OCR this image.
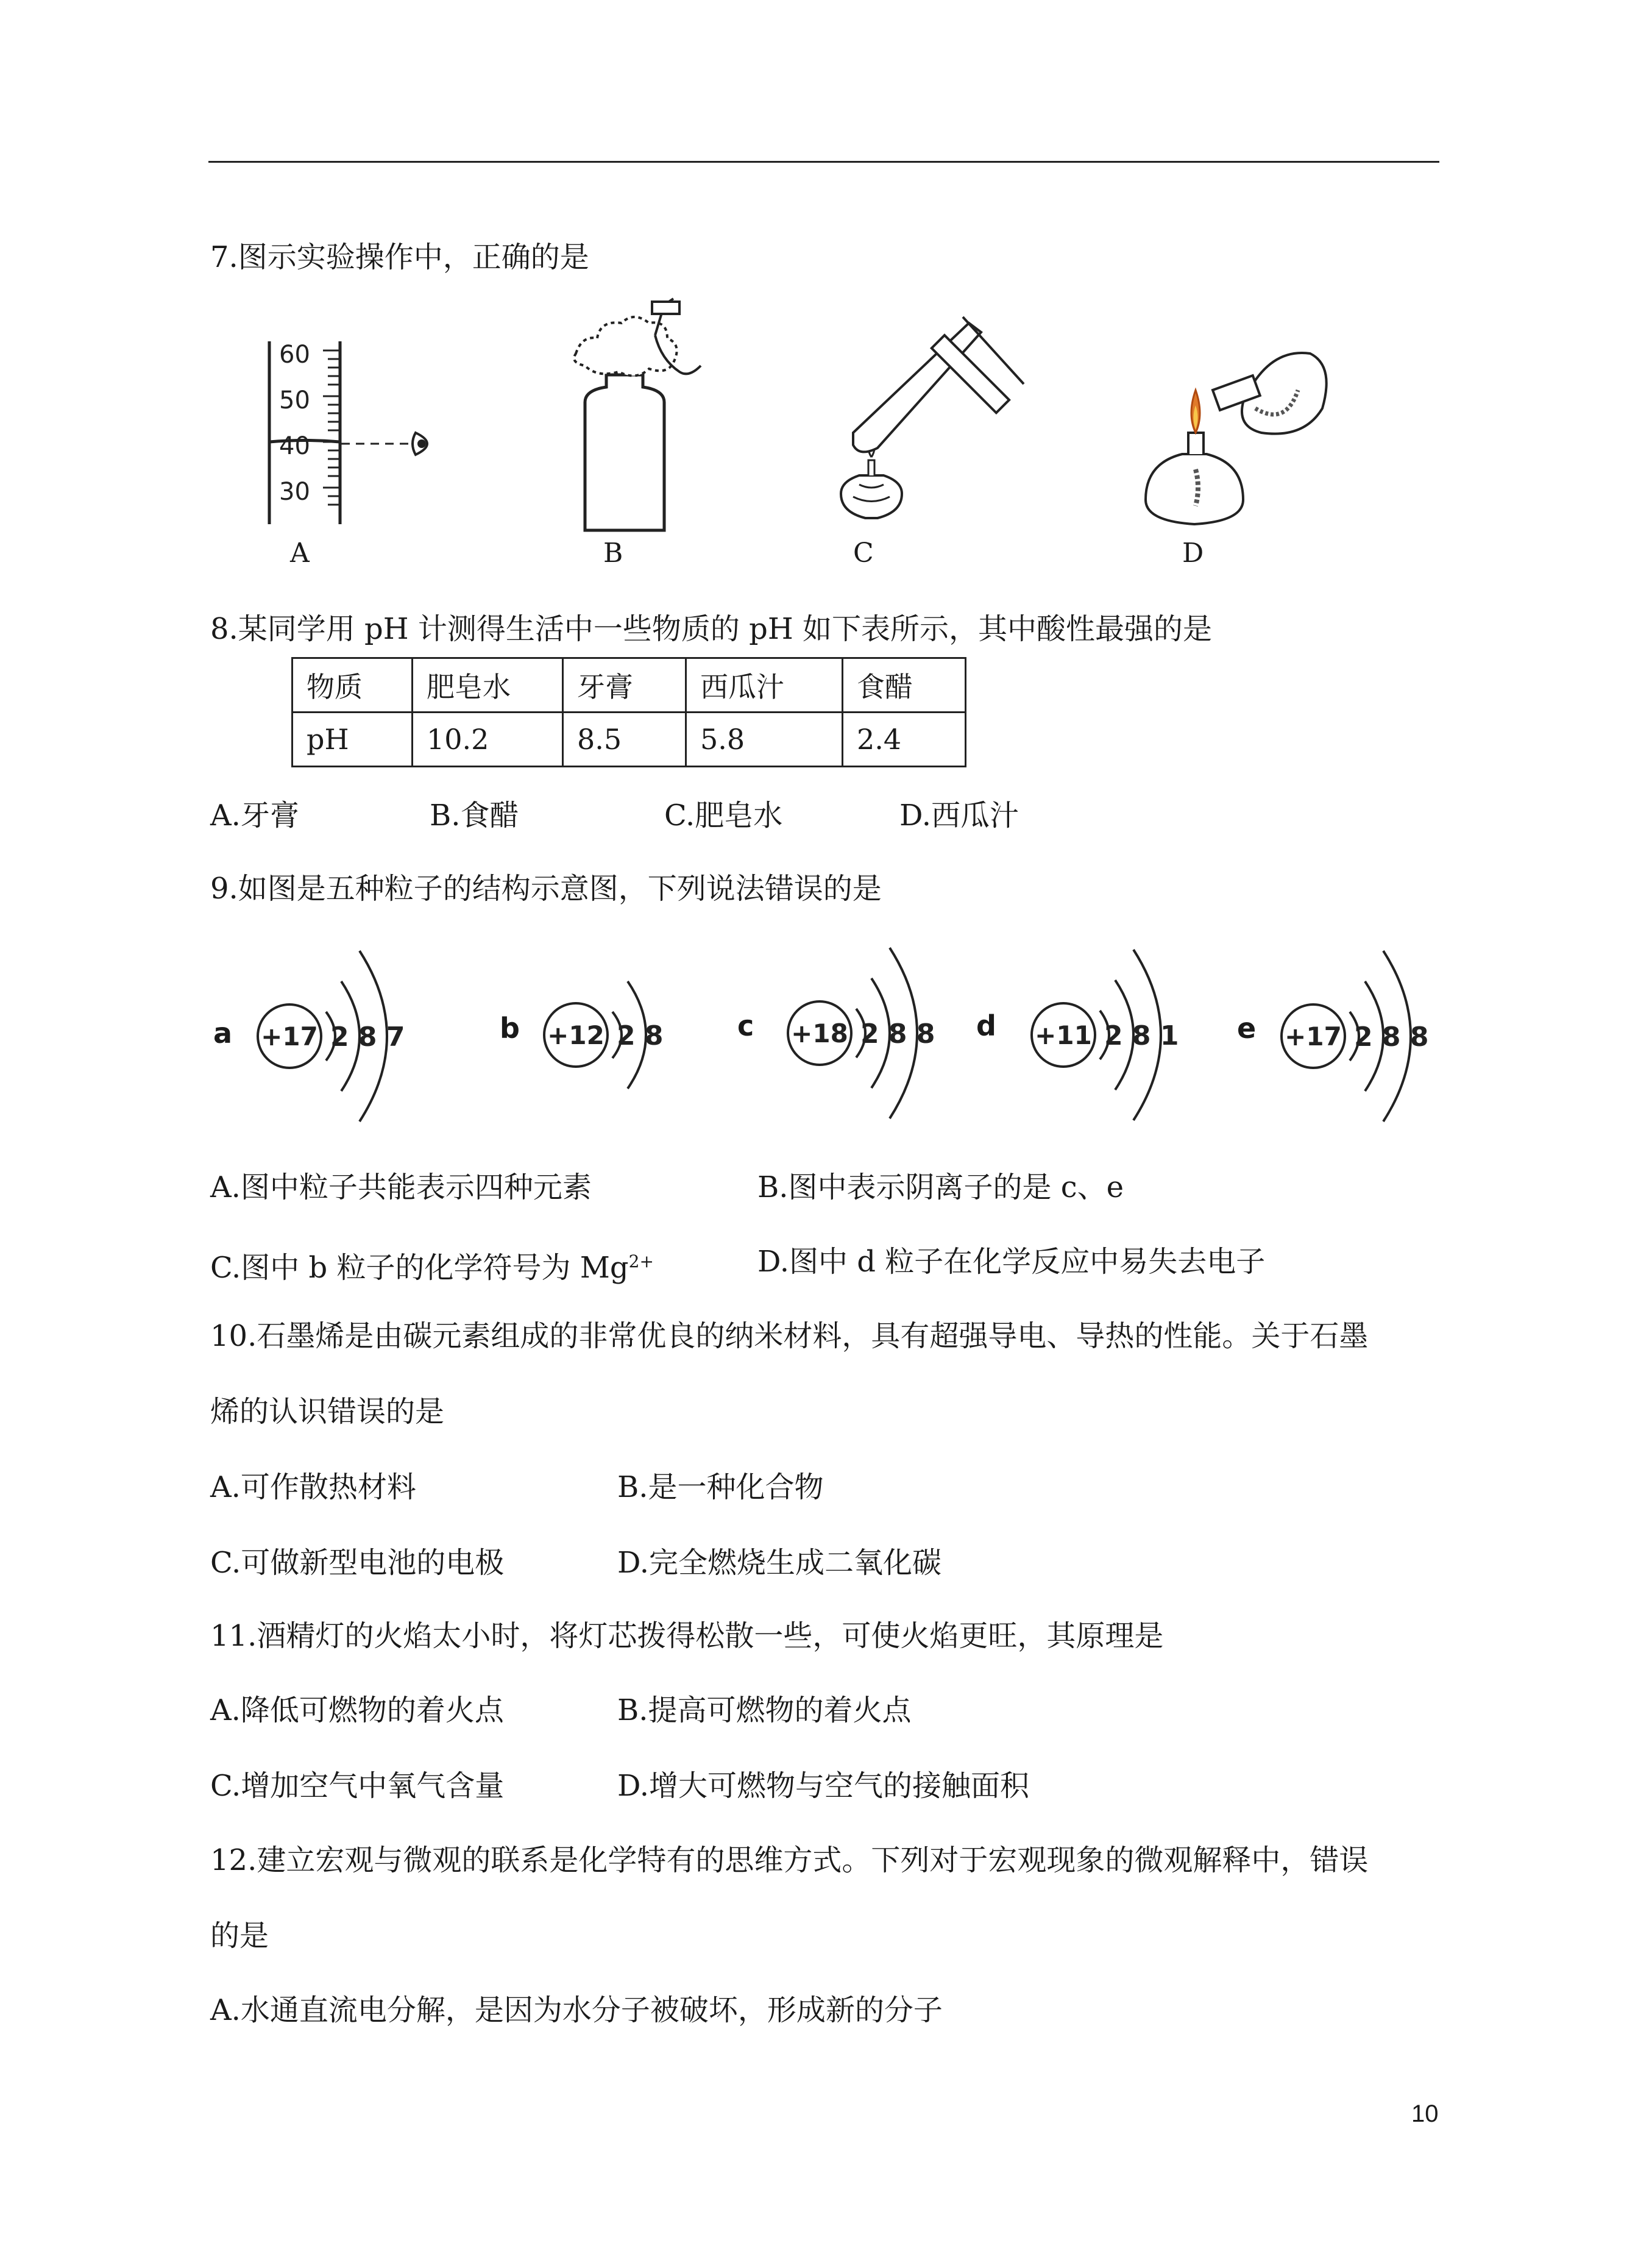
7.图示实验操作中，正确的是
60
50
40
30
A	B	C	D
8.某同学用 pH 计测得生活中一些物质的 pH 如下表所示，其中酸性最强的是
物质	肥皂水	牙膏	西瓜汁	食醋
pH	10.2	8.5	5.8	2.4
A.牙膏	B.食醋	C.肥皂水	D.西瓜汁
9.如图是五种粒子的结构示意图，下列说法错误的是
a +17 2 8 7	b +12 2 8	c +18 2 8 8 d +11 2 8 1 e +17 2 8 8
A.图中粒子共能表示四种元素	B.图中表示阴离子的是 c、e
C.图中 b 粒子的化学符号为 $Mg^{2+}$	D.图中 d 粒子在化学反应中易失去电子
10.石墨烯是由碳元素组成的非常优良的纳米材料，具有超强导电、导热的性能。关于石墨
烯的认识错误的是
A.可作散热材料	B.是一种化合物
C.可做新型电池的电极	D.完全燃烧生成二氧化碳
11.酒精灯的火焰太小时，将灯芯拨得松散一些，可使火焰更旺，其原理是
A.降低可燃物的着火点	B.提高可燃物的着火点
C.增加空气中氧气含量	D.增大可燃物与空气的接触面积
12.建立宏观与微观的联系是化学特有的思维方式。下列对于宏观现象的微观解释中，错误
的是
A.水通直流电分解，是因为水分子被破坏，形成新的分子
10
